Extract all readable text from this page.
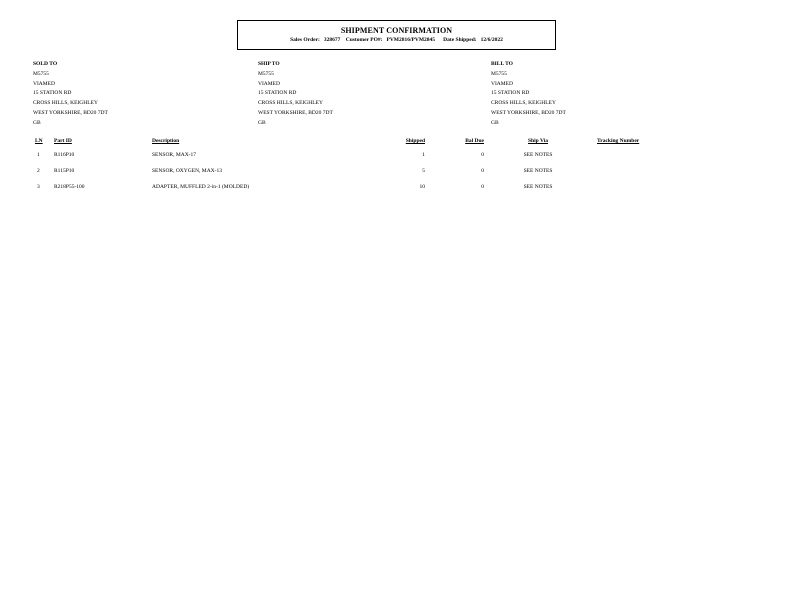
SHIPMENT CONFIRMATION
Sales Order: 328677 Customer PO#: PVM2816/PVM2845 Date Shipped: 12/6/2022
SOLD TO
M5755
VIAMED
15 STATION RD
CROSS HILLS, KEIGHLEY
WEST YORKSHIRE, BD20 7DT
GB
SHIP TO
M5755
VIAMED
15 STATION RD
CROSS HILLS, KEIGHLEY
WEST YORKSHIRE, BD20 7DT
GB
BILL TO
M5755
VIAMED
15 STATION RD
CROSS HILLS, KEIGHLEY
WEST YORKSHIRE, BD20 7DT
GB
LN Part ID	Description	Shipped	Bal Due	Ship Via	Tracking Number
1	R116P10	SENSOR, MAX-17	1	0	SEE NOTES
2	R115P10	SENSOR, OXYGEN, MAX-13	5	0	SEE NOTES
3	R218P55-100	ADAPTER, MUFFLED 2-in-1 (MOLDED)	10	0	SEE NOTES
